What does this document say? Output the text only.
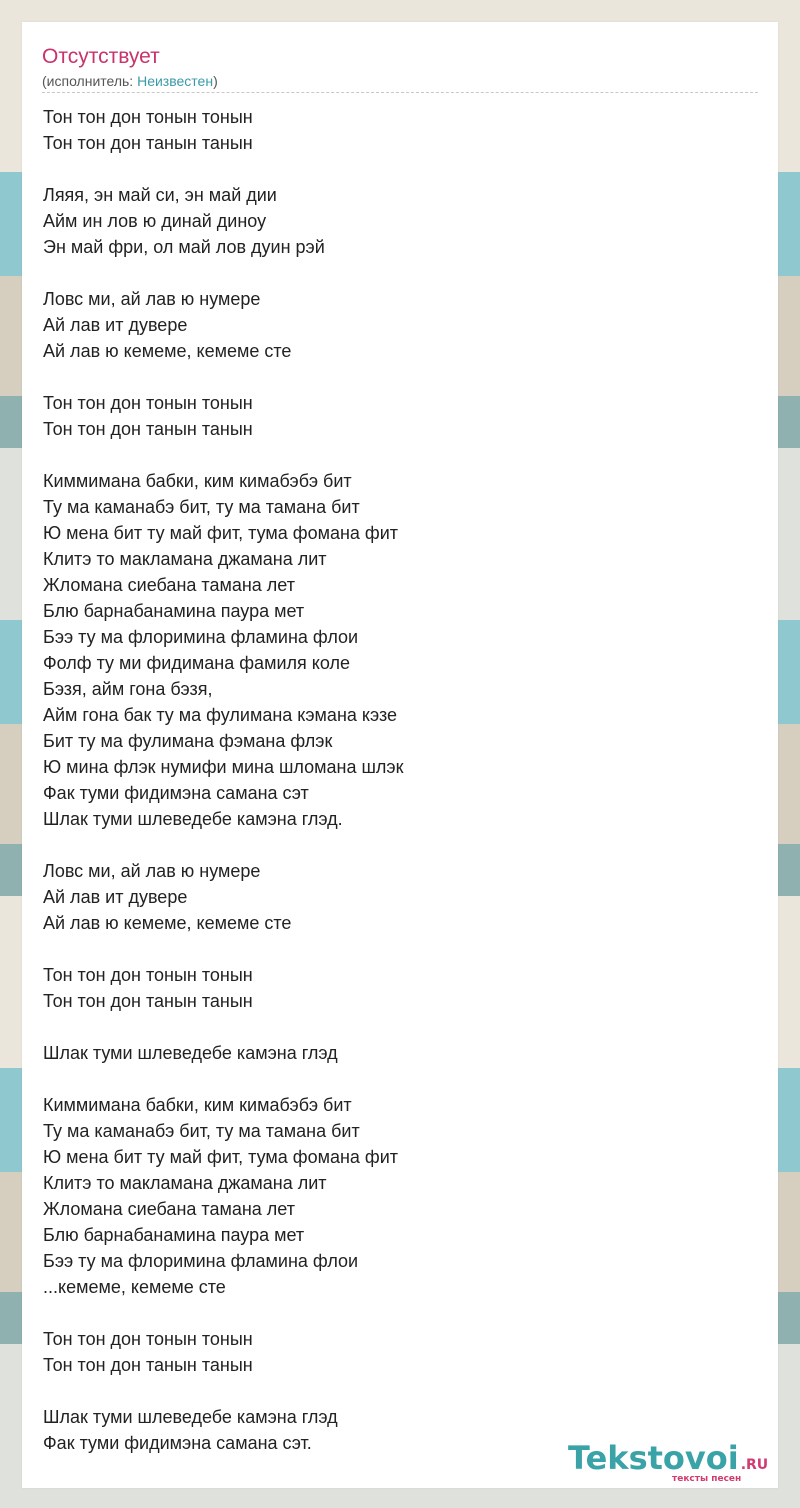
Отсутствует
(исполнитель: Неизвестен)
Тон тон дон тонын тонын
Тон тон дон танын танын

Ляяя, эн май си, эн май дии
Айм ин лов ю динай диноу
Эн май фри, ол май лов дуин рэй

Ловс ми, ай лав ю нумере
Ай лав ит дувере
Ай лав ю кемеме, кемеме сте

Тон тон дон тонын тонын
Тон тон дон танын танын

Киммимана бабки, ким кимабэбэ бит
Ту ма каманабэ бит, ту ма тамана бит
Ю мена бит ту май фит, тума фомана фит
Клитэ то макламана джамана лит
Жломана сиебана тамана лет
Блю барнабанамина паура мет
Бээ ту ма флоримина фламина флои
Фолф ту ми фидимана фамиля коле
Бэзя, айм гона бэзя,
Айм гона бак ту ма фулимана кэмана кэзе
Бит ту ма фулимана фэмана флэк
Ю мина флэк нумифи мина шломана шлэк
Фак туми фидимэна самана сэт
Шлак туми шлеведебе камэна глэд.

Ловс ми, ай лав ю нумере
Ай лав ит дувере
Ай лав ю кемеме, кемеме сте

Тон тон дон тонын тонын
Тон тон дон танын танын

Шлак туми шлеведебе камэна глэд

Киммимана бабки, ким кимабэбэ бит
Ту ма каманабэ бит, ту ма тамана бит
Ю мена бит ту май фит, тума фомана фит
Клитэ то макламана джамана лит
Жломана сиебана тамана лет
Блю барнабанамина паура мет
Бээ ту ма флоримина фламина флои
...кемеме, кемеме сте

Тон тон дон тонын тонын
Тон тон дон танын танын

Шлак туми шлеведебе камэна глэд
Фак туми фидимэна самана сэт.	Tekstovoi .RU
тексты песен
